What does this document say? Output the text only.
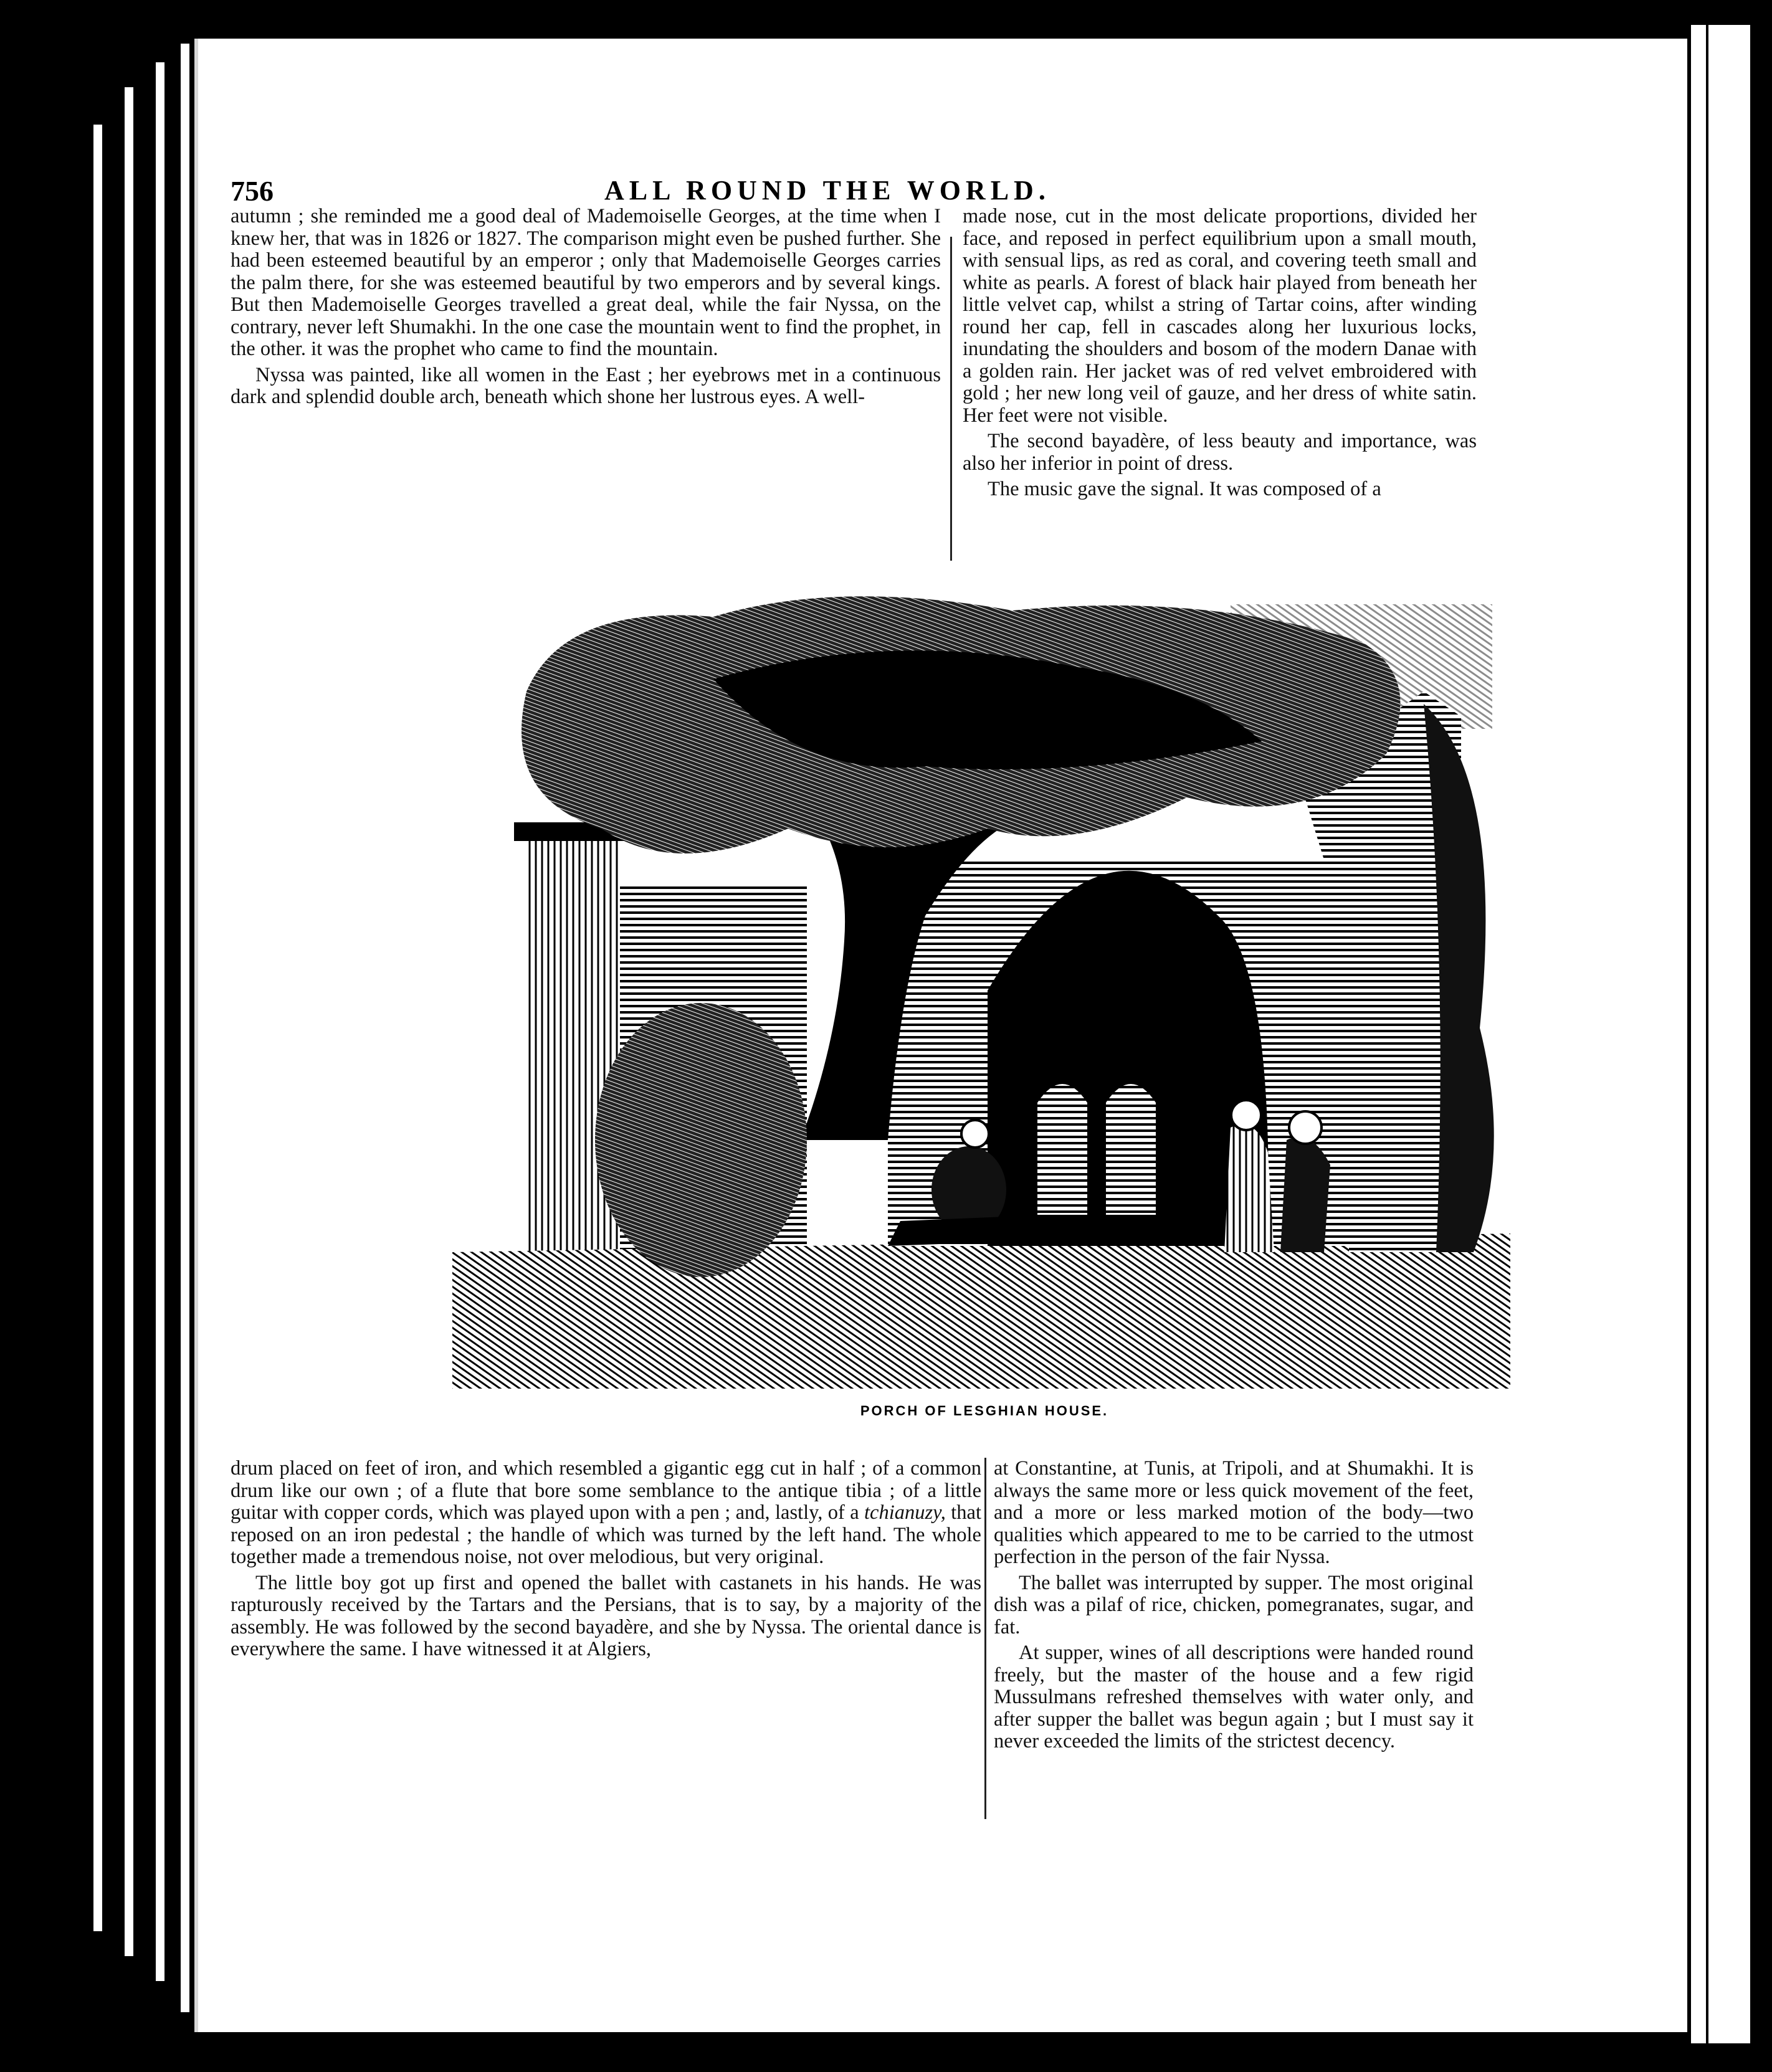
756	ALL ROUND THE WORLD.

autumn ; she reminded me a good deal of Mademoiselle Georges, at the time when I knew her, that was in 1826 or 1827. The comparison might even be pushed further. She had been esteemed beautiful by an emperor ; only that Mademoiselle Georges carries the palm there, for she was esteemed beautiful by two emperors and by several kings. But then Mademoiselle Georges travelled a great deal, while the fair Nyssa, on the contrary, never left Shumakhi. In the one case the mountain went to find the prophet, in the other. it was the prophet who came to find the mountain.

Nyssa was painted, like all women in the East ; her eyebrows met in a continuous dark and splendid double arch, beneath which shone her lustrous eyes. A well-

made nose, cut in the most delicate proportions, divided her face, and reposed in perfect equilibrium upon a small mouth, with sensual lips, as red as coral, and covering teeth small and white as pearls. A forest of black hair played from beneath her little velvet cap, whilst a string of Tartar coins, after winding round her cap, fell in cascades along her luxurious locks, inundating the shoulders and bosom of the modern Danae with a golden rain. Her jacket was of red velvet embroidered with gold ; her new long veil of gauze, and her dress of white satin. Her feet were not visible.

The second bayadère, of less beauty and importance, was also her inferior in point of dress.

The music gave the signal. It was composed of a

PORCH OF LESGHIAN HOUSE.

drum placed on feet of iron, and which resembled a gigantic egg cut in half ; of a common drum like our own ; of a flute that bore some semblance to the antique tibia ; of a little guitar with copper cords, which was played upon with a pen ; and, lastly, of a tchianuzy, that reposed on an iron pedestal ; the handle of which was turned by the left hand. The whole together made a tremendous noise, not over melodious, but very original.

The little boy got up first and opened the ballet with castanets in his hands. He was rapturously received by the Tartars and the Persians, that is to say, by a majority of the assembly. He was followed by the second bayadère, and she by Nyssa. The oriental dance is everywhere the same. I have witnessed it at Algiers,

at Constantine, at Tunis, at Tripoli, and at Shumakhi. It is always the same more or less quick movement of the feet, and a more or less marked motion of the body—two qualities which appeared to me to be carried to the utmost perfection in the person of the fair Nyssa.

The ballet was interrupted by supper. The most original dish was a pilaf of rice, chicken, pomegranates, sugar, and fat.

At supper, wines of all descriptions were handed round freely, but the master of the house and a few rigid Mussulmans refreshed themselves with water only, and after supper the ballet was begun again ; but I must say it never exceeded the limits of the strictest decency.
